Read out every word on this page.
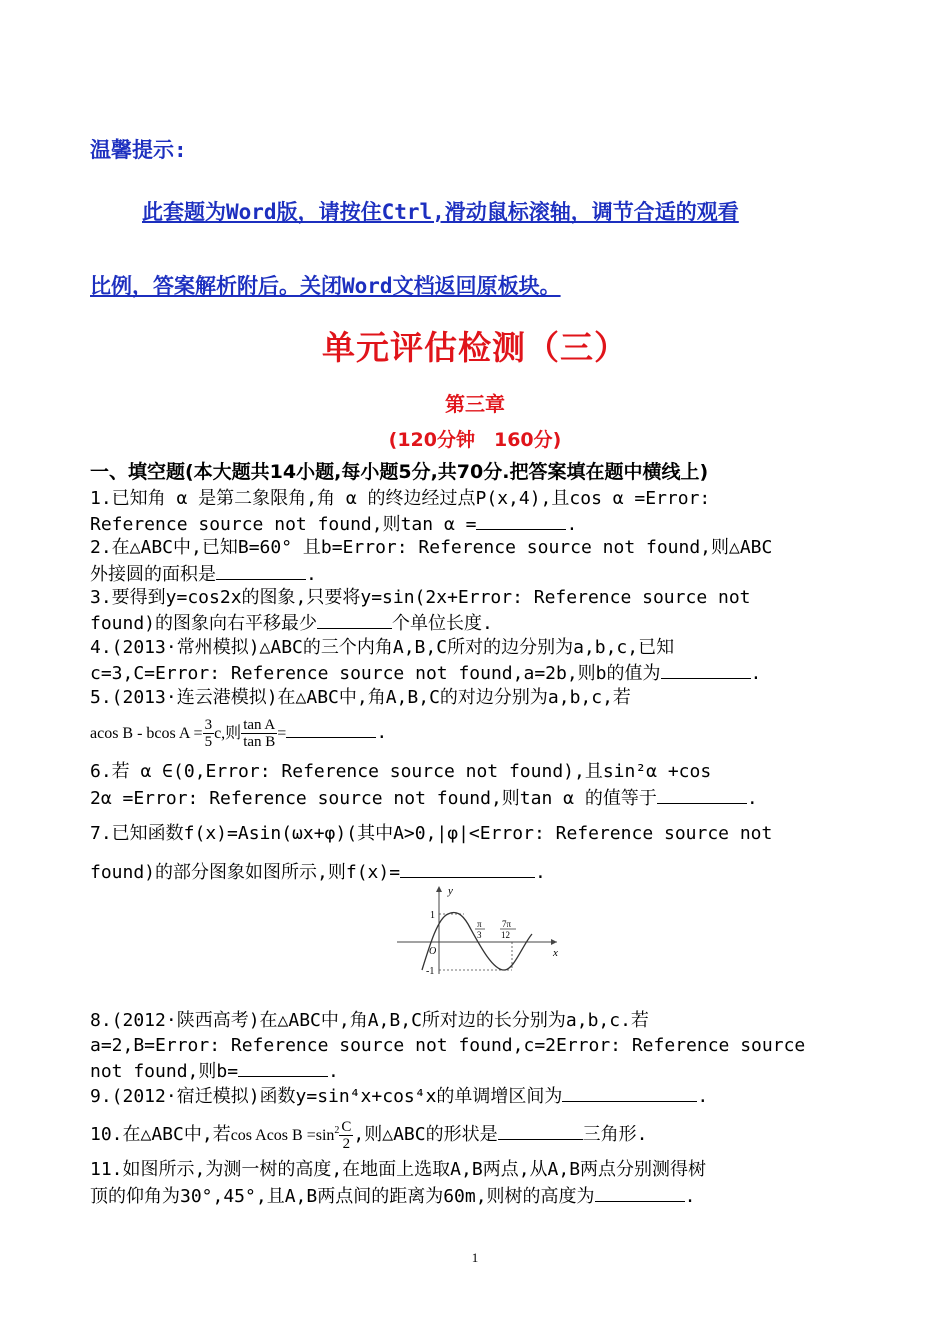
温馨提示:
此套题为Word版，请按住Ctrl,滑动鼠标滚轴，调节合适的观看
比例，答案解析附后。关闭Word文档返回原板块。
单元评估检测（三）
第三章
(120分钟　160分)
一、填空题(本大题共14小题,每小题5分,共70分.把答案填在题中横线上)
1.已知角 α 是第二象限角,角 α 的终边经过点P(x,4),且cos α =Error:
Reference source not found,则tan α =	.
2.在△ABC中,已知B=60° 且b=Error: Reference source not found,则△ABC
外接圆的面积是	.
3.要得到y=cos2x的图象,只要将y=sin(2x+Error: Reference source not
found)的图象向右平移最少	个单位长度.
4.(2013·常州模拟)△ABC的三个内角A,B,C所对的边分别为a,b,c,已知
c=3,C=Error: Reference source not found,a=2b,则b的值为	.
5.(2013·连云港模拟)在△ABC中,角A,B,C的对边分别为a,b,c,若
acos B - bcos $A = \frac{3}{5} c$,则 $\frac{\text{tan A}}{\text{tan B}}$ =	.
6.若 α ∈(0,Error: Reference source not found),且sin²α +cos
2α =Error: Reference source not found,则tan α 的值等于	.
7.已知函数f(x)=Asin(ωx+φ)(其中A>0,|φ|<Error: Reference source not
found)的部分图象如图所示,则f(x)=	.
y
x
O
1
-1
π
3
7π
12
8.(2012·陕西高考)在△ABC中,角A,B,C所对边的长分别为a,b,c.若
a=2,B=Error: Reference source not found,c=2Error: Reference source
not found,则b=	.
9.(2012·宿迁模拟)函数y=sin⁴x+cos⁴x的单调增区间为	.
10.在△ABC中,若cos Acos $B =\sin^2 \frac{C}{2}$ ,则△ABC的形状是	三角形.
11.如图所示,为测一树的高度,在地面上选取A,B两点,从A,B两点分别测得树
顶的仰角为30°,45°,且A,B两点间的距离为60m,则树的高度为	.
1
